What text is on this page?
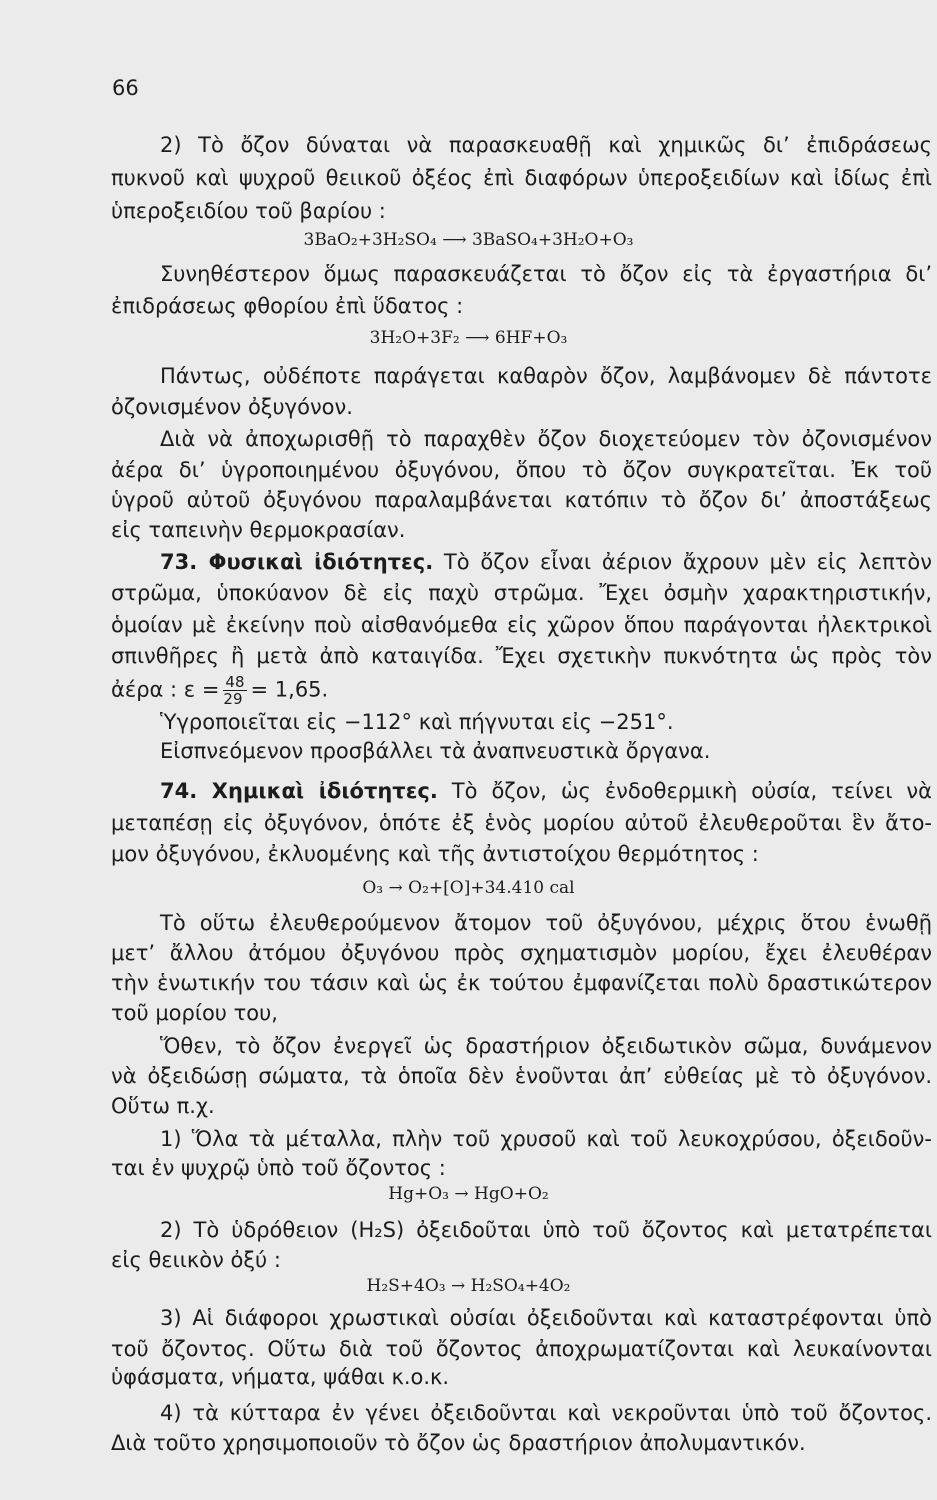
66
2) Τὸ ὄζον δύναται νὰ παρασκευαθῇ καὶ χημικῶς δι’ ἐπιδράσεως
πυκνοῦ καὶ ψυχροῦ θειικοῦ ὀξέος ἐπὶ διαφόρων ὑπεροξειδίων καὶ ἰδίως ἐπὶ
ὑπεροξειδίου τοῦ βαρίου :
3BaO₂+3H₂SO₄ ⟶ 3BaSO₄+3H₂O+O₃
Συνηθέστερον ὅμως παρασκευάζεται τὸ ὄζον εἰς τὰ ἐργαστήρια δι’
ἐπιδράσεως φθορίου ἐπὶ ὕδατος :
3H₂O+3F₂ ⟶ 6HF+O₃
Πάντως, οὐδέποτε παράγεται καθαρὸν ὄζον, λαμβάνομεν δὲ πάντοτε
ὀζονισμένον ὀξυγόνον.
Διὰ νὰ ἀποχωρισθῇ τὸ παραχθὲν ὄζον διοχετεύομεν τὸν ὀζονισμένον
ἀέρα δι’ ὑγροποιημένου ὀξυγόνου, ὅπου τὸ ὄζον συγκρατεῖται. Ἐκ τοῦ
ὑγροῦ αὐτοῦ ὀξυγόνου παραλαμβάνεται κατόπιν τὸ ὄζον δι’ ἀποστάξεως
εἰς ταπεινὴν θερμοκρασίαν.
73. Φυσικαὶ ἰδιότητες. Τὸ ὄζον εἶναι ἀέριον ἄχρουν μὲν εἰς λεπτὸν
στρῶμα, ὑποκύανον δὲ εἰς παχὺ στρῶμα. Ἔχει ὀσμὴν χαρακτηριστικήν,
ὁμοίαν μὲ ἐκείνην ποὺ αἰσθανόμεθα εἰς χῶρον ὅπου παράγονται ἠλεκτρικοὶ
σπινθῆρες ἢ μετὰ ἀπὸ καταιγίδα. Ἔχει σχετικὴν πυκνότητα ὡς πρὸς τὸν
ἀέρα : $\varepsilon = \frac{48}{29} = 1,65$.
Ὑγροποιεῖται εἰς −112° καὶ πήγνυται εἰς −251°.
Εἰσπνεόμενον προσβάλλει τὰ ἀναπνευστικὰ ὄργανα.
74. Χημικαὶ ἰδιότητες. Τὸ ὄζον, ὡς ἐνδοθερμικὴ οὐσία, τείνει νὰ
μεταπέσῃ εἰς ὀξυγόνον, ὁπότε ἐξ ἑνὸς μορίου αὐτοῦ ἐλευθεροῦται ἓν ἄτο-
μον ὀξυγόνου, ἐκλυομένης καὶ τῆς ἀντιστοίχου θερμότητος :
O₃ → O₂+[O]+34.410 cal
Τὸ οὕτω ἐλευθερούμενον ἄτομον τοῦ ὀξυγόνου, μέχρις ὅτου ἑνωθῇ
μετ’ ἄλλου ἀτόμου ὀξυγόνου πρὸς σχηματισμὸν μορίου, ἔχει ἐλευθέραν
τὴν ἑνωτικήν του τάσιν καὶ ὡς ἐκ τούτου ἐμφανίζεται πολὺ δραστικώτερον
τοῦ μορίου του,
Ὅθεν, τὸ ὄζον ἐνεργεῖ ὡς δραστήριον ὀξειδωτικὸν σῶμα, δυνάμενον
νὰ ὀξειδώσῃ σώματα, τὰ ὁποῖα δὲν ἑνοῦνται ἀπ’ εὐθείας μὲ τὸ ὀξυγόνον.
Οὕτω π.χ.
1) Ὅλα τὰ μέταλλα, πλὴν τοῦ χρυσοῦ καὶ τοῦ λευκοχρύσου, ὀξειδοῦν-
ται ἐν ψυχρῷ ὑπὸ τοῦ ὄζοντος :
Hg+O₃ → HgO+O₂
2) Τὸ ὑδρόθειον (H₂S) ὀξειδοῦται ὑπὸ τοῦ ὄζοντος καὶ μετατρέπεται
εἰς θειικὸν ὀξύ :
H₂S+4O₃ → H₂SO₄+4O₂
3) Αἱ διάφοροι χρωστικαὶ οὐσίαι ὀξειδοῦνται καὶ καταστρέφονται ὑπὸ
τοῦ ὄζοντος. Οὕτω διὰ τοῦ ὄζοντος ἀποχρωματίζονται καὶ λευκαίνονται
ὑφάσματα, νήματα, ψάθαι κ.ο.κ.
4) τὰ κύτταρα ἐν γένει ὀξειδοῦνται καὶ νεκροῦνται ὑπὸ τοῦ ὄζοντος.
Διὰ τοῦτο χρησιμοποιοῦν τὸ ὄζον ὡς δραστήριον ἀπολυμαντικόν.
